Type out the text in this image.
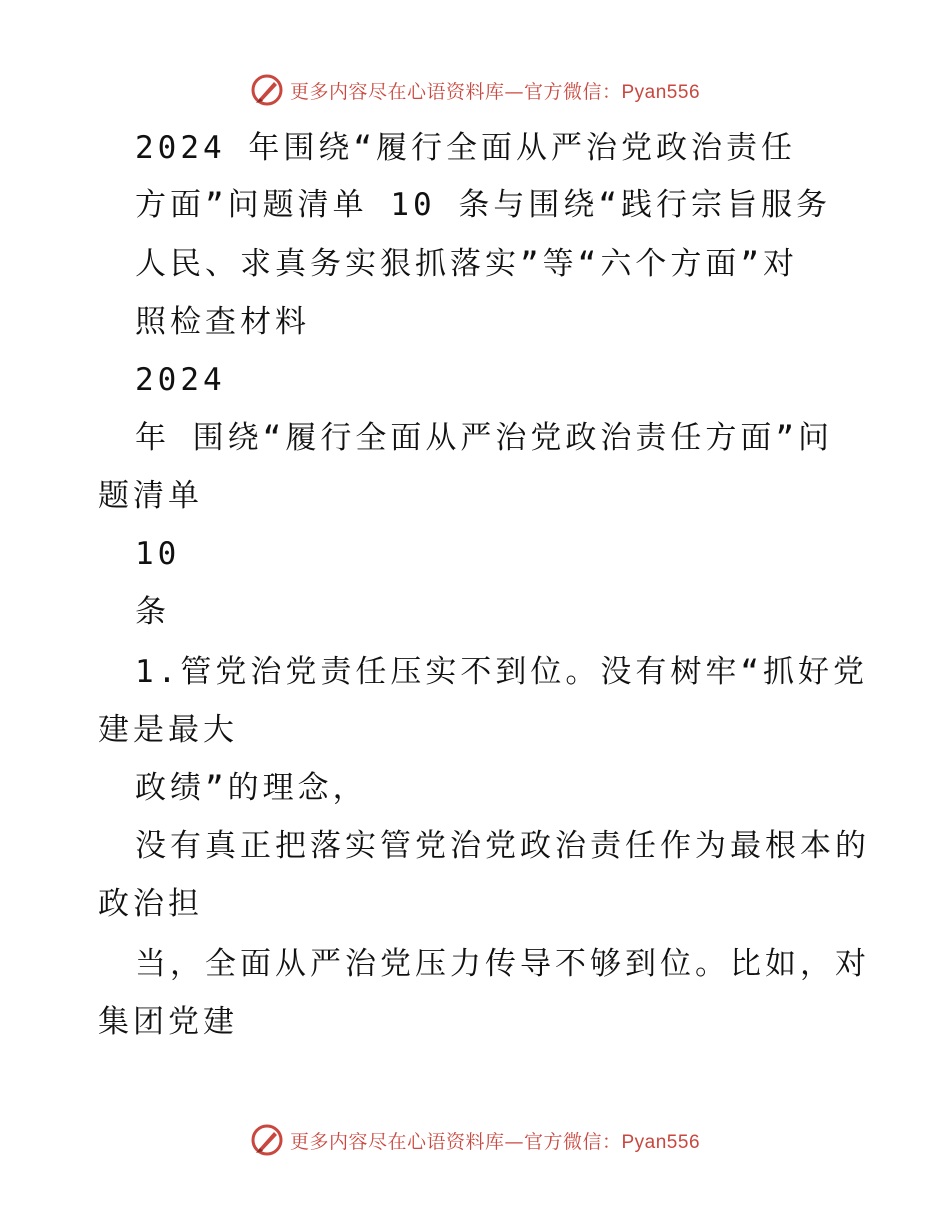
更多内容尽在心语资料库—官方微信：Pyan556
2024 年围绕“履行全面从严治党政治责任
方面”问题清单 10 条与围绕“践行宗旨服务
人民、求真务实狠抓落实”等“六个方面”对
照检查材料
2024
年 围绕“履行全面从严治党政治责任方面”问
题清单
10
条
1.管党治党责任压实不到位。没有树牢“抓好党
建是最大
政绩”的理念，
没有真正把落实管党治党政治责任作为最根本的
政治担
当，全面从严治党压力传导不够到位。比如，对
集团党建
更多内容尽在心语资料库—官方微信：Pyan556
